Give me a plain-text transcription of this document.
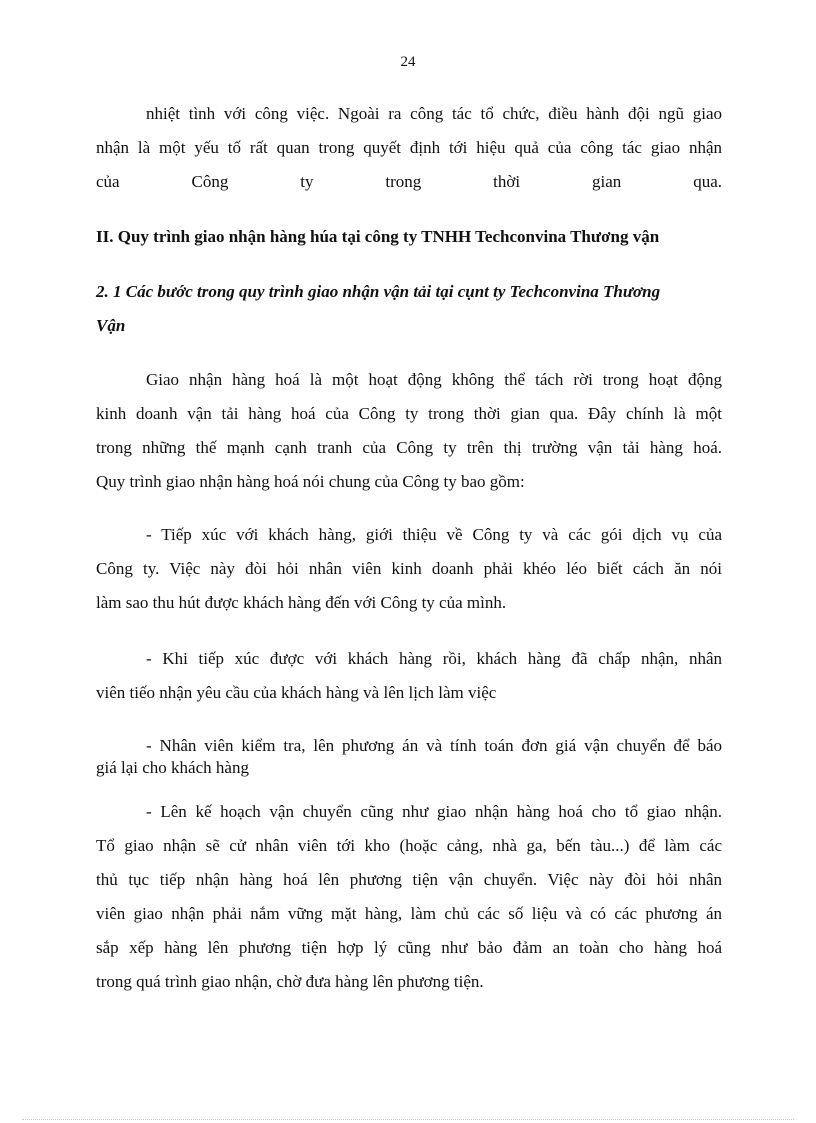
24
nhiệt tình với công việc. Ngoài ra công tác tổ chức, điều hành đội ngũ giao
nhận là một yếu tố rất quan trong quyết định tới hiệu quả của công tác giao nhận
của Công ty trong thời gian qua.
II. Quy trình giao nhận hàng húa tại công ty TNHH Techconvina Thương vận
2. 1 Các bước trong quy trình giao nhận vận tải tại cụnt ty Techconvina Thương
Vận
Giao nhận hàng hoá là một hoạt động không thể tách rời trong hoạt động
kinh doanh vận tải hàng hoá của Công ty trong thời gian qua. Đây chính là một
trong những thế mạnh cạnh tranh của Công ty trên thị trường vận tải hàng hoá.
Quy trình giao nhận hàng hoá nói chung của Công ty bao gồm:
- Tiếp xúc với khách hàng, giới thiệu về Công ty và các gói dịch vụ của
Công ty. Việc này đòi hỏi nhân viên kinh doanh phải khéo léo biết cách ăn nói
làm sao thu hút được khách hàng đến với Công ty của mình.
- Khi tiếp xúc được với khách hàng rồi, khách hàng đã chấp nhận, nhân
viên tiếo nhận yêu cầu của khách hàng và lên lịch làm việc
- Nhân viên kiểm tra, lên phương án và tính toán đơn giá vận chuyển để báo
giá lại cho khách hàng
- Lên kế hoạch vận chuyển cũng như giao nhận hàng hoá cho tổ giao nhận.
Tổ giao nhận sẽ cử nhân viên tới kho (hoặc cảng, nhà ga, bến tàu...) để làm các
thủ tục tiếp nhận hàng hoá lên phương tiện vận chuyển. Việc này đòi hỏi nhân
viên giao nhận phải nắm vững mặt hàng, làm chủ các số liệu và có các phương án
sắp xếp hàng lên phương tiện hợp lý cũng như bảo đảm an toàn cho hàng hoá
trong quá trình giao nhận, chờ đưa hàng lên phương tiện.
